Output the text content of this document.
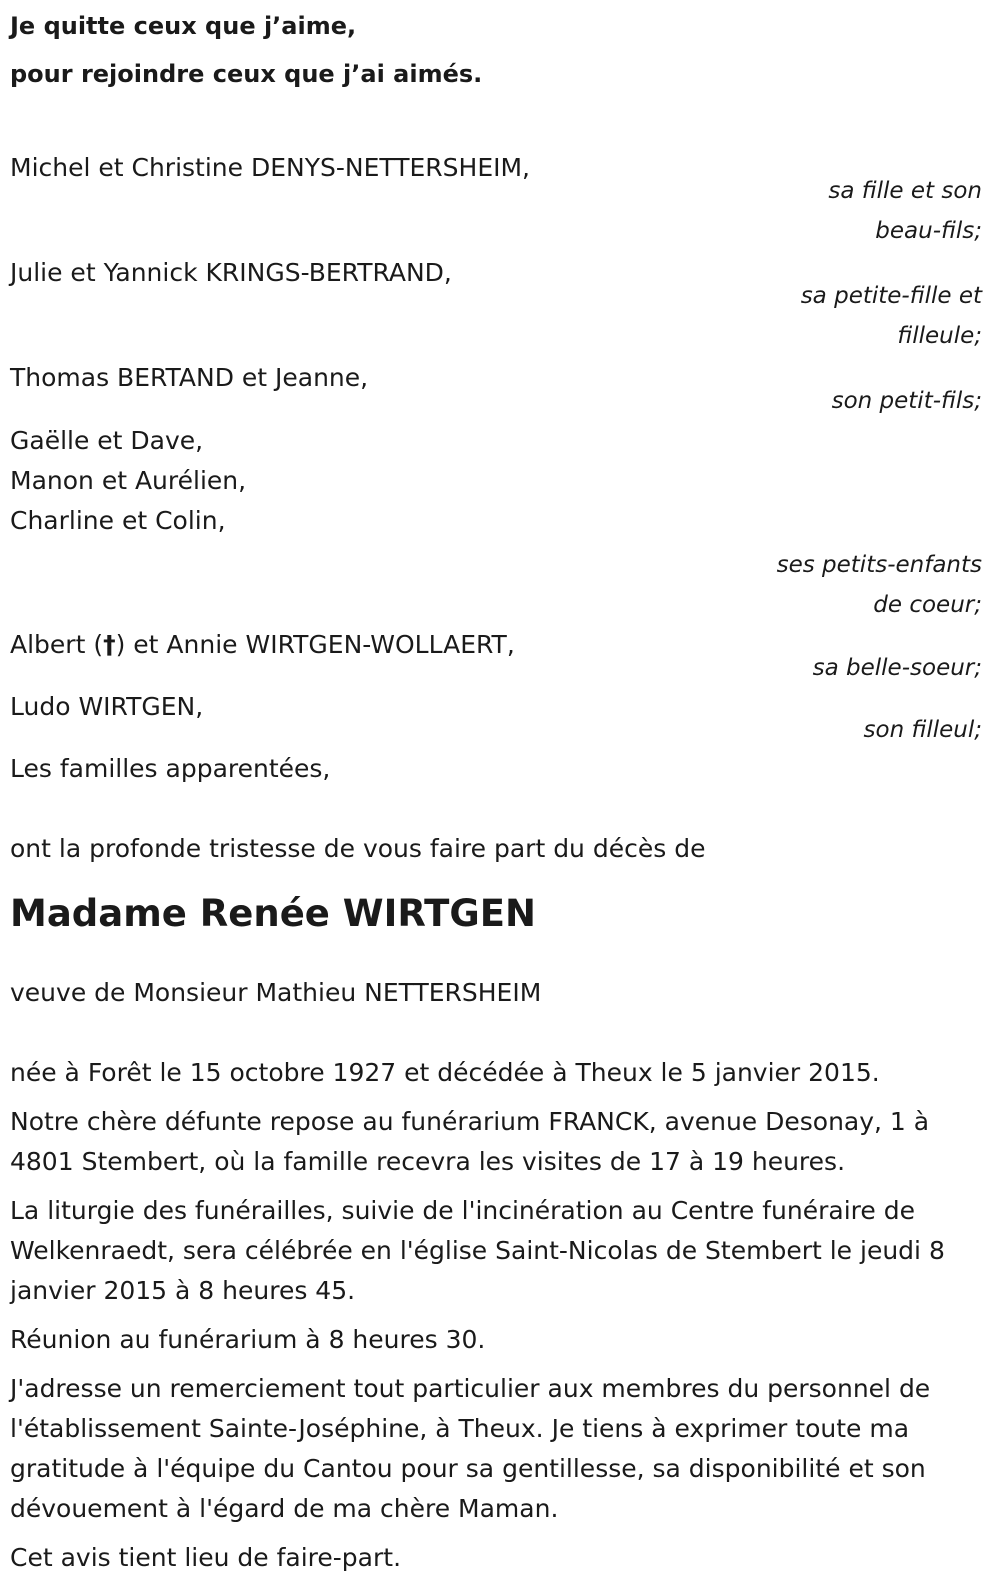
Je quitte ceux que j’aime,

pour rejoindre ceux que j’ai aimés.

Michel et Christine DENYS-NETTERSHEIM,

sa fille et son

beau-fils;

Julie et Yannick KRINGS-BERTRAND,

sa petite-fille et

filleule;

Thomas BERTAND et Jeanne,

son petit-fils;

Gaëlle et Dave,

Manon et Aurélien,

Charline et Colin,

ses petits-enfants

de coeur;

Albert (†) et Annie WIRTGEN-WOLLAERT,

sa belle-soeur;

Ludo WIRTGEN,

son filleul;

Les familles apparentées,

ont la profonde tristesse de vous faire part du décès de

Madame Renée WIRTGEN

veuve de Monsieur Mathieu NETTERSHEIM

née à Forêt le 15 octobre 1927 et décédée à Theux le 5 janvier 2015.

Notre chère défunte repose au funérarium FRANCK, avenue Desonay, 1 à 4801 Stembert, où la famille recevra les visites de 17 à 19 heures.

La liturgie des funérailles, suivie de l'incinération au Centre funéraire de Welkenraedt, sera célébrée en l'église Saint-Nicolas de Stembert le jeudi 8 janvier 2015 à 8 heures 45.

Réunion au funérarium à 8 heures 30.

J'adresse un remerciement tout particulier aux membres du personnel de l'établissement Sainte-Joséphine, à Theux. Je tiens à exprimer toute ma gratitude à l'équipe du Cantou pour sa gentillesse, sa disponibilité et son dévouement à l'égard de ma chère Maman.

Cet avis tient lieu de faire-part.
